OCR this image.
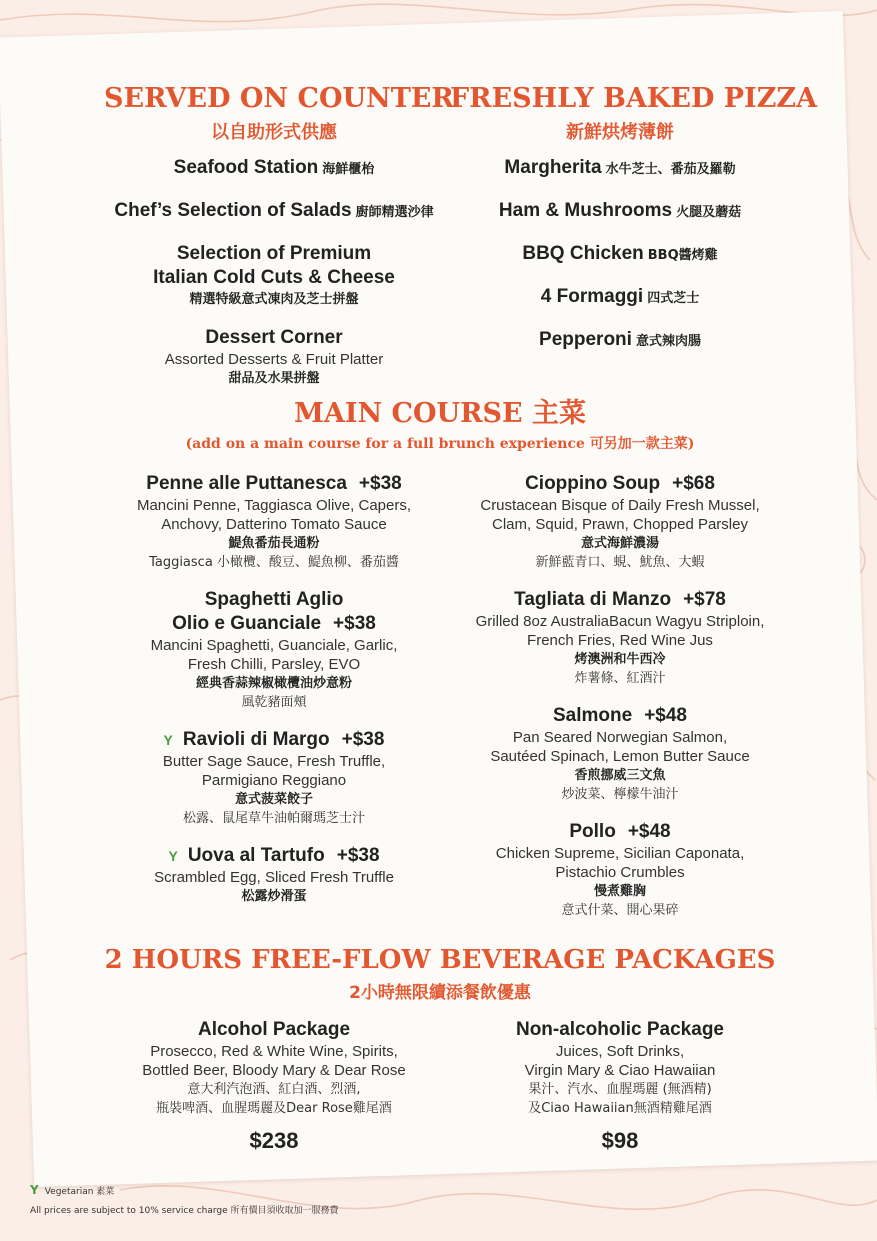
SERVED ON COUNTER
以自助形式供應
Seafood Station 海鮮櫃枱
Chef’s Selection of Salads 廚師精選沙律
Selection of Premium
Italian Cold Cuts & Cheese
精選特級意式凍肉及芝士拼盤
Dessert Corner
Assorted Desserts & Fruit Platter
甜品及水果拼盤
FRESHLY BAKED PIZZA
新鮮烘烤薄餅
Margherita 水牛芝士、番茄及羅勒
Ham & Mushrooms 火腿及蘑菇
BBQ Chicken BBQ醬烤雞
4 Formaggi 四式芝士
Pepperoni 意式辣肉腸
MAIN COURSE 主菜
(add on a main course for a full brunch experience 可另加一款主菜)
Penne alle Puttanesca +$38
Mancini Penne, Taggiasca Olive, Capers,
Anchovy, Datterino Tomato Sauce
鯷魚番茄長通粉
Taggiasca 小橄欖、酸豆、鯷魚柳、番茄醬
Spaghetti Aglio
Olio e Guanciale +$38
Mancini Spaghetti, Guanciale, Garlic,
Fresh Chilli, Parsley, EVO
經典香蒜辣椒橄欖油炒意粉
風乾豬面頰
Y Ravioli di Margo +$38
Butter Sage Sauce, Fresh Truffle,
Parmigiano Reggiano
意式菠菜餃子
松露、鼠尾草牛油帕爾瑪芝士汁
Y Uova al Tartufo +$38
Scrambled Egg, Sliced Fresh Truffle
松露炒滑蛋
Cioppino Soup +$68
Crustacean Bisque of Daily Fresh Mussel,
Clam, Squid, Prawn, Chopped Parsley
意式海鮮濃湯
新鮮藍青口、蜆、魷魚、大蝦
Tagliata di Manzo +$78
Grilled 8oz AustraliaBacun Wagyu Striploin,
French Fries, Red Wine Jus
烤澳洲和牛西冷
炸薯條、紅酒汁
Salmone +$48
Pan Seared Norwegian Salmon,
Sautéed Spinach, Lemon Butter Sauce
香煎挪威三文魚
炒波菜、檸檬牛油汁
Pollo +$48
Chicken Supreme, Sicilian Caponata,
Pistachio Crumbles
慢煮雞胸
意式什菜、開心果碎
2 HOURS FREE-FLOW BEVERAGE PACKAGES
2小時無限續添餐飲優惠
Alcohol Package
Prosecco, Red & White Wine, Spirits,
Bottled Beer, Bloody Mary & Dear Rose
意大利汽泡酒、紅白酒、烈酒,
瓶裝啤酒、血腥瑪麗及Dear Rose雞尾酒
$238
Non-alcoholic Package
Juices, Soft Drinks,
Virgin Mary & Ciao Hawaiian
果汁、汽水、血腥瑪麗 (無酒精)
及Ciao Hawaiian無酒精雞尾酒
$98
Y Vegetarian 素菜
All prices are subject to 10% service charge 所有價目須收取加一服務費
